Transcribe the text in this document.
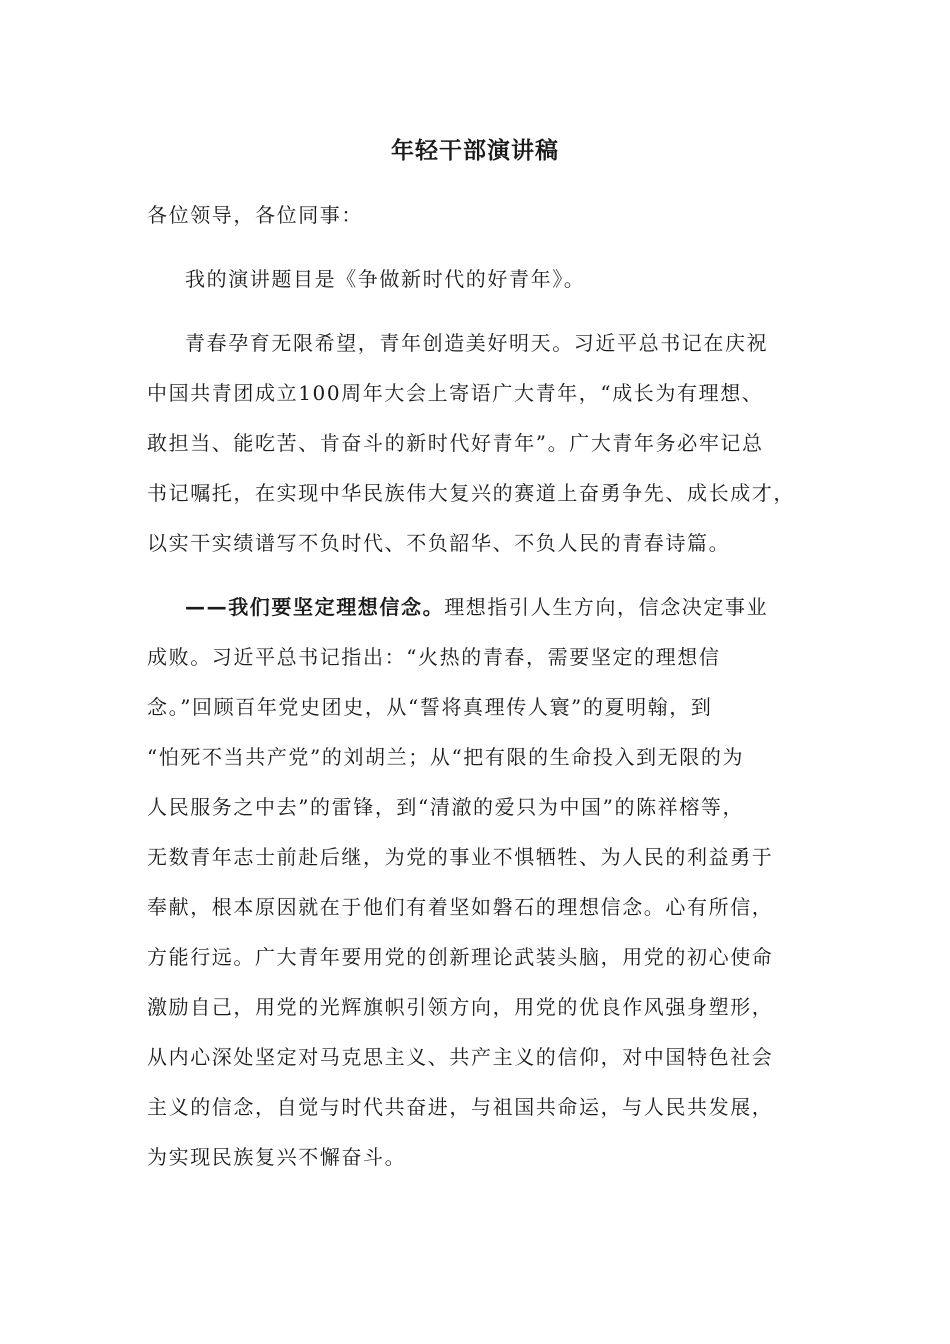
年轻干部演讲稿
各位领导，各位同事：
我的演讲题目是《争做新时代的好青年》。
青春孕育无限希望，青年创造美好明天。习近平总书记在庆祝
中国共青团成立100周年大会上寄语广大青年，“成长为有理想、
敢担当、能吃苦、肯奋斗的新时代好青年”。广大青年务必牢记总
书记嘱托，在实现中华民族伟大复兴的赛道上奋勇争先、成长成才，
以实干实绩谱写不负时代、不负韶华、不负人民的青春诗篇。
——我们要坚定理想信念。理想指引人生方向，信念决定事业
成败。习近平总书记指出：“火热的青春，需要坚定的理想信
念。”回顾百年党史团史，从“誓将真理传人寰”的夏明翰，到
“怕死不当共产党”的刘胡兰；从“把有限的生命投入到无限的为
人民服务之中去”的雷锋，到“清澈的爱只为中国”的陈祥榕等，
无数青年志士前赴后继，为党的事业不惧牺牲、为人民的利益勇于
奉献，根本原因就在于他们有着坚如磐石的理想信念。心有所信，
方能行远。广大青年要用党的创新理论武装头脑，用党的初心使命
激励自己，用党的光辉旗帜引领方向，用党的优良作风强身塑形，
从内心深处坚定对马克思主义、共产主义的信仰，对中国特色社会
主义的信念，自觉与时代共奋进，与祖国共命运，与人民共发展，
为实现民族复兴不懈奋斗。
